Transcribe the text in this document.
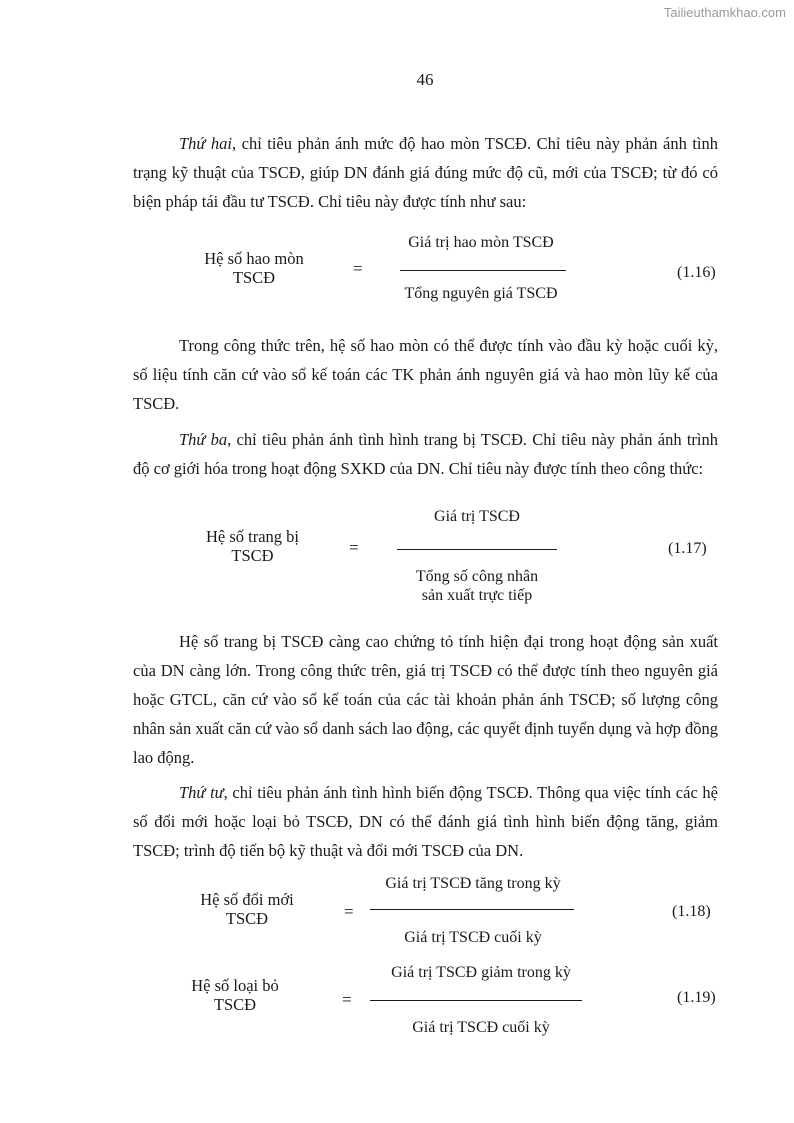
Tailieuthamkhao.com
46

Thứ hai, chỉ tiêu phản ánh mức độ hao mòn TSCĐ. Chỉ tiêu này phản ánh tình trạng kỹ thuật của TSCĐ, giúp DN đánh giá đúng mức độ cũ, mới của TSCĐ; từ đó có biện pháp tái đầu tư TSCĐ. Chỉ tiêu này được tính như sau:

Hệ số hao mòn
TSCĐ	=
Giá trị hao mòn TSCĐ
Tổng nguyên giá TSCĐ
(1.16)

Trong công thức trên, hệ số hao mòn có thể được tính vào đầu kỳ hoặc cuối kỳ, số liệu tính căn cứ vào sổ kế toán các TK phản ánh nguyên giá và hao mòn lũy kế của TSCĐ.

Thứ ba, chỉ tiêu phản ánh tình hình trang bị TSCĐ. Chỉ tiêu này phản ánh trình độ cơ giới hóa trong hoạt động SXKD của DN. Chỉ tiêu này được tính theo công thức:

Hệ số trang bị
TSCĐ	=
Giá trị TSCĐ
Tổng số công nhân
sản xuất trực tiếp
(1.17)

Hệ số trang bị TSCĐ càng cao chứng tỏ tính hiện đại trong hoạt động sản xuất của DN càng lớn. Trong công thức trên, giá trị TSCĐ có thể được tính theo nguyên giá hoặc GTCL, căn cứ vào sổ kế toán của các tài khoản phản ánh TSCĐ; số lượng công nhân sản xuất căn cứ vào sổ danh sách lao động, các quyết định tuyển dụng và hợp đồng lao động.

Thứ tư, chỉ tiêu phản ánh tình hình biến động TSCĐ. Thông qua việc tính các hệ số đổi mới hoặc loại bỏ TSCĐ, DN có thể đánh giá tình hình biến động tăng, giảm TSCĐ; trình độ tiến bộ kỹ thuật và đổi mới TSCĐ của DN.

Hệ số đổi mới
TSCĐ	=
Giá trị TSCĐ tăng trong kỳ
Giá trị TSCĐ cuối kỳ
(1.18)
Hệ số loại bỏ
TSCĐ	=
Giá trị TSCĐ giảm trong kỳ
Giá trị TSCĐ cuối kỳ
(1.19)
